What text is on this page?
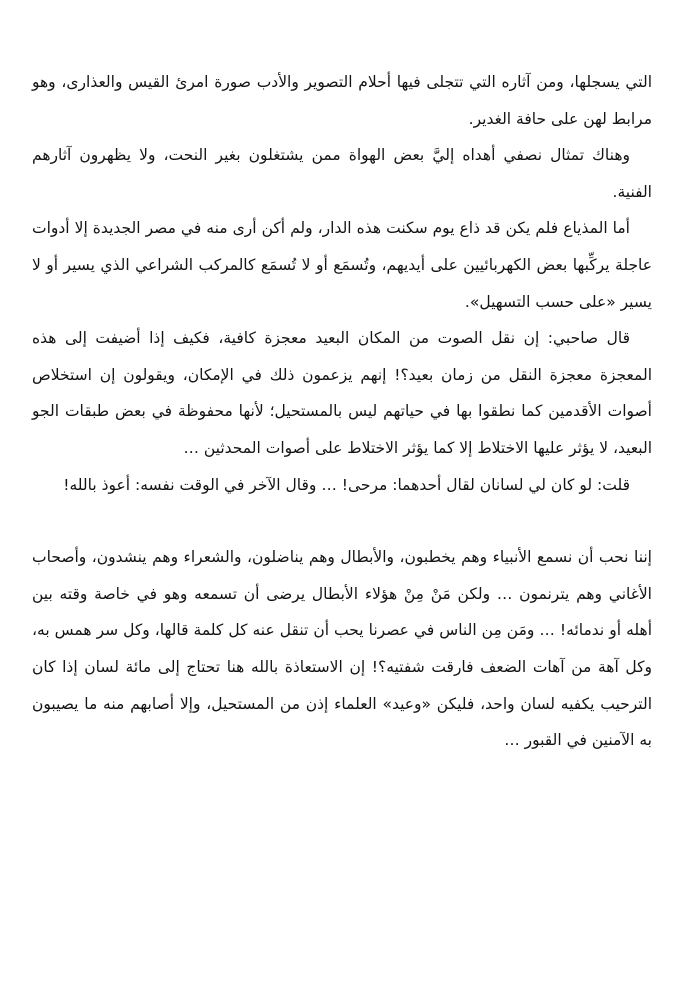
التي يسجلها، ومن آثاره التي تتجلى فيها أحلام التصوير والأدب صورة امرئ القيس والعذارى، وهو مرابط لهن على حافة الغدير.

وهناك تمثال نصفي أهداه إليَّ بعض الهواة ممن يشتغلون بغير النحت، ولا يظهرون آثارهم الفنية.

أما المذياع فلم يكن قد ذاع يوم سكنت هذه الدار، ولم أكن أرى منه في مصر الجديدة إلا أدوات عاجلة يركِّبها بعض الكهربائيين على أيديهم، وتُسمَع أو لا تُسمَع كالمركب الشراعي الذي يسير أو لا يسير «على حسب التسهيل».

قال صاحبي: إن نقل الصوت من المكان البعيد معجزة كافية، فكيف إذا أضيفت إلى هذه المعجزة معجزة النقل من زمان بعيد؟! إنهم يزعمون ذلك في الإمكان، ويقولون إن استخلاص أصوات الأقدمين كما نطقوا بها في حياتهم ليس بالمستحيل؛ لأنها محفوظة في بعض طبقات الجو البعيد، لا يؤثر عليها الاختلاط إلا كما يؤثر الاختلاط على أصوات المحدثين …

قلت: لو كان لي لسانان لقال أحدهما: مرحى! … وقال الآخر في الوقت نفسه: أعوذ بالله!

إننا نحب أن نسمع الأنبياء وهم يخطبون، والأبطال وهم يناضلون، والشعراء وهم ينشدون، وأصحاب الأغاني وهم يترنمون … ولكن مَنْ مِنْ هؤلاء الأبطال يرضى أن تسمعه وهو في خاصة وقته بين أهله أو ندمائه! … ومَن مِن الناس في عصرنا يحب أن تنقل عنه كل كلمة قالها، وكل سر همس به، وكل آهة من آهات الضعف فارقت شفتيه؟! إن الاستعاذة بالله هنا تحتاج إلى مائة لسان إذا كان الترحيب يكفيه لسان واحد، فليكن «وعيد» العلماء إذن من المستحيل، وإلا أصابهم منه ما يصيبون به الآمنين في القبور …
